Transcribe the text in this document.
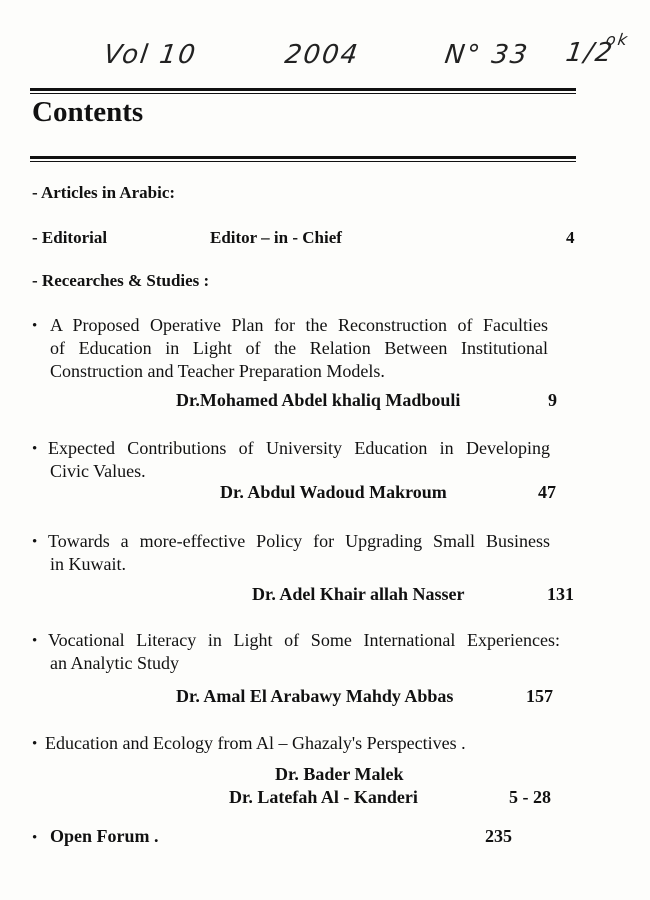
Vol 10	2004	N° 33 1/2
ok
Contents
- Articles in Arabic:
- Editorial	Editor – in - Chief	4
- Recearches & Studies :
• A Proposed Operative Plan for the Reconstruction of Faculties
of Education in Light of the Relation Between Institutional
Construction and Teacher Preparation Models.
Dr.Mohamed Abdel khaliq Madbouli	9
• Expected Contributions of University Education in Developing
Civic Values.
Dr. Abdul Wadoud Makroum	47
• Towards a more-effective Policy for Upgrading Small Business
in Kuwait.
Dr. Adel Khair allah Nasser	131
• Vocational Literacy in Light of Some International Experiences:
an Analytic Study
Dr. Amal El Arabawy Mahdy Abbas	157
• Education and Ecology from Al – Ghazaly's Perspectives .
Dr. Bader Malek
Dr. Latefah Al - Kanderi	5 - 28
• Open Forum .	235
